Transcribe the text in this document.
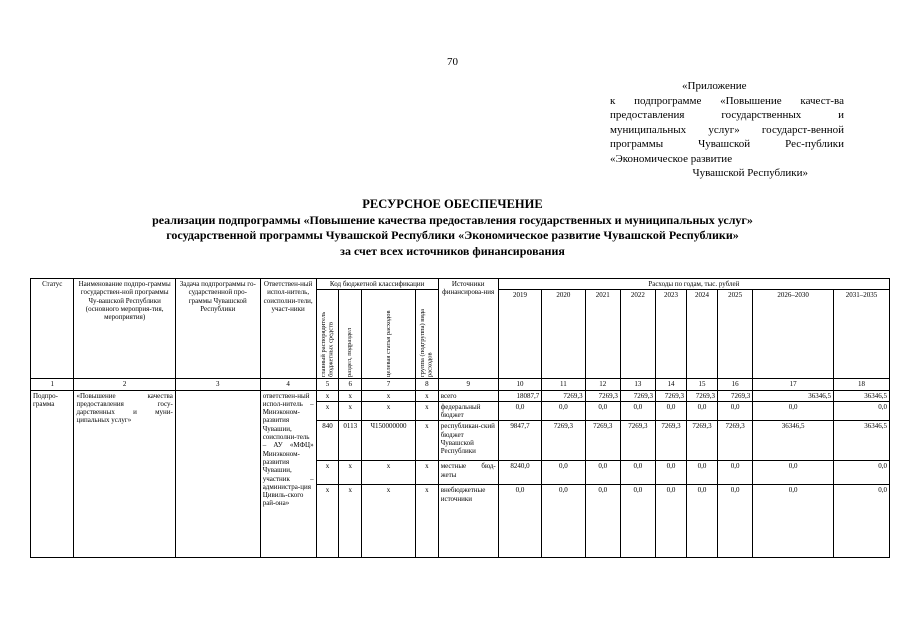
70
«Приложение
к подпрограмме «Повышение качест-ва предоставления государственных и муниципальных услуг» государст-венной программы Чувашской Рес-публики «Экономическое развитие
Чувашской Республики»
РЕСУРСНОЕ ОБЕСПЕЧЕНИЕ
реализации подпрограммы «Повышение качества предоставления государственных и муниципальных услуг»
государственной программы Чувашской Республики «Экономическое развитие Чувашской Республики»
за счет всех источников финансирования
Статус	Наименование подпро-граммы государствен-ной программы Чу-вашской Республики (основного мероприя-тия, мероприятия)	Задача подпрограммы го-сударственной про-граммы Чувашской Республики	Ответствен-ный испол-нитель, соисполни-тели, участ-ники	Код бюджетной классификации				Источники финансирова-ния	Расходы по годам, тыс. рублей								

				главный распорядитель бюджетных средств	раздел, подраздел	целевая статья расходов	группа (подгруппа) вида расходов		2019	2020	2021	2022	2023	2024	2025	2026–2030	2031–2035
1	2	3	4	5	6	7	8	9	10	11	12	13	14	15	16	17	18
Подпро-грамма	«Повышение качества предоставления госу-дарственных и муни-ципальных услуг»		ответствен-ный испол-нитель – Минэконом-развития Чувашии, соисполни-тель – АУ «МФЦ» Минэконом-развития Чувашии, участник – администра-ция Цивиль-ского рай-она»	x	x	x	x	всего	18087,7	7269,3	7269,3	7269,3	7269,3	7269,3	7269,3	36346,5	36346,5
				x	x	x	x	федеральный бюджет	0,0	0,0	0,0	0,0	0,0	0,0	0,0	0,0	0,0
				840	0113	Ч150000000	x	республикан-ский бюджет Чувашской Республики	9847,7	7269,3	7269,3	7269,3	7269,3	7269,3	7269,3	36346,5	36346,5
				x	x	x	x	местные бюд-жеты	8240,0	0,0	0,0	0,0	0,0	0,0	0,0	0,0	0,0
				x	x	x	x	внебюджетные источники	0,0	0,0	0,0	0,0	0,0	0,0	0,0	0,0	0,0
